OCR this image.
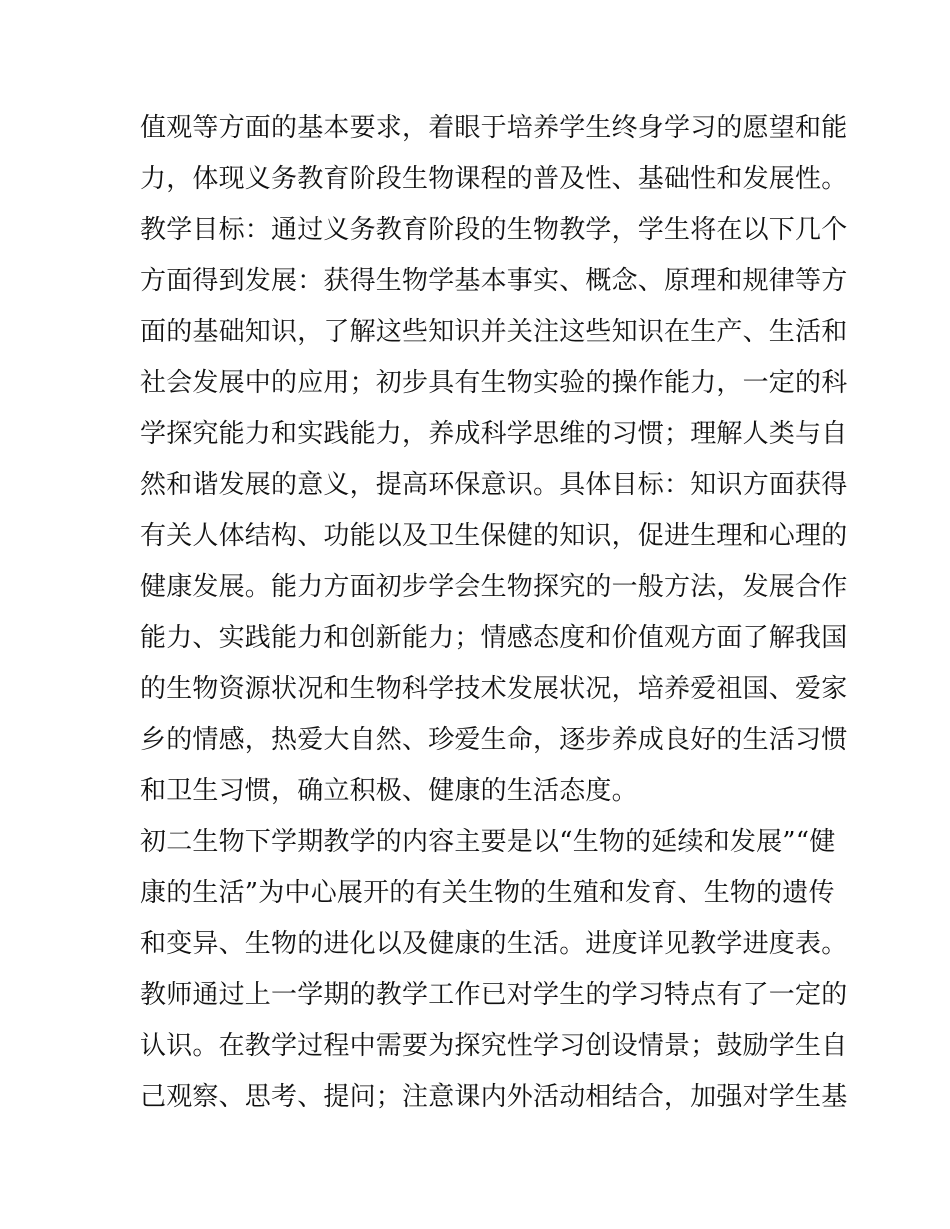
值观等方面的基本要求，着眼于培养学生终身学习的愿望和能
力，体现义务教育阶段生物课程的普及性、基础性和发展性。
教学目标：通过义务教育阶段的生物教学，学生将在以下几个
方面得到发展：获得生物学基本事实、概念、原理和规律等方
面的基础知识，了解这些知识并关注这些知识在生产、生活和
社会发展中的应用；初步具有生物实验的操作能力，一定的科
学探究能力和实践能力，养成科学思维的习惯；理解人类与自
然和谐发展的意义，提高环保意识。具体目标：知识方面获得
有关人体结构、功能以及卫生保健的知识，促进生理和心理的
健康发展。能力方面初步学会生物探究的一般方法，发展合作
能力、实践能力和创新能力；情感态度和价值观方面了解我国
的生物资源状况和生物科学技术发展状况，培养爱祖国、爱家
乡的情感，热爱大自然、珍爱生命，逐步养成良好的生活习惯
和卫生习惯，确立积极、健康的生活态度。
初二生物下学期教学的内容主要是以“生物的延续和发展”“健
康的生活”为中心展开的有关生物的生殖和发育、生物的遗传
和变异、生物的进化以及健康的生活。进度详见教学进度表。
教师通过上一学期的教学工作已对学生的学习特点有了一定的
认识。在教学过程中需要为探究性学习创设情景；鼓励学生自
己观察、思考、提问；注意课内外活动相结合，加强对学生基
